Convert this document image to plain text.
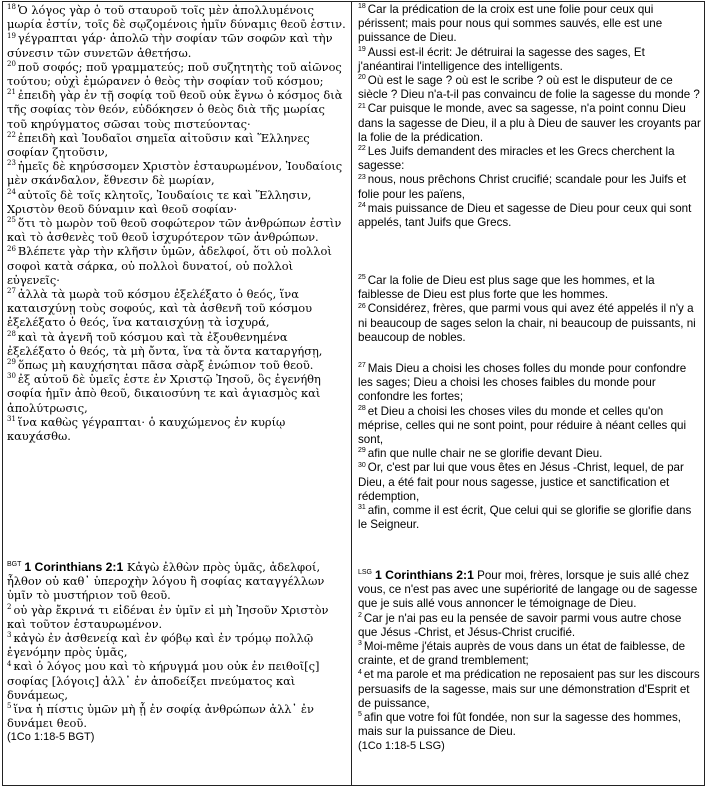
$^{18}$ Ὁ λόγος γὰρ ὁ τοῦ σταυροῦ τοῖς μὲν ἀπολλυμένοις μωρία ἐστίν, τοῖς δὲ σῳζομένοις ἡμῖν δύναμις θεοῦ ἐστιν.

$^{19}$ γέγραπται γάρ· ἀπολῶ τὴν σοφίαν τῶν σοφῶν καὶ τὴν σύνεσιν τῶν συνετῶν ἀθετήσω.

$^{20}$ ποῦ σοφός; ποῦ γραμματεύς; ποῦ συζητητὴς τοῦ αἰῶνος τούτου; οὐχὶ ἐμώρανεν ὁ θεὸς τὴν σοφίαν τοῦ κόσμου;

$^{21}$ ἐπειδὴ γὰρ ἐν τῇ σοφίᾳ τοῦ θεοῦ οὐκ ἔγνω ὁ κόσμος διὰ τῆς σοφίας τὸν θεόν, εὐδόκησεν ὁ θεὸς διὰ τῆς μωρίας τοῦ κηρύγματος σῶσαι τοὺς πιστεύοντας·

$^{22}$ ἐπειδὴ καὶ Ἰουδαῖοι σημεῖα αἰτοῦσιν καὶ Ἕλληνες σοφίαν ζητοῦσιν,

$^{23}$ ἡμεῖς δὲ κηρύσσομεν Χριστὸν ἐσταυρωμένον, Ἰουδαίοις μὲν σκάνδαλον, ἔθνεσιν δὲ μωρίαν,

$^{24}$ αὐτοῖς δὲ τοῖς κλητοῖς, Ἰουδαίοις τε καὶ Ἕλλησιν, Χριστὸν θεοῦ δύναμιν καὶ θεοῦ σοφίαν·

$^{25}$ ὅτι τὸ μωρὸν τοῦ θεοῦ σοφώτερον τῶν ἀνθρώπων ἐστὶν καὶ τὸ ἀσθενὲς τοῦ θεοῦ ἰσχυρότερον τῶν ἀνθρώπων.

$^{26}$ Βλέπετε γὰρ τὴν κλῆσιν ὑμῶν, ἀδελφοί, ὅτι οὐ πολλοὶ σοφοὶ κατὰ σάρκα, οὐ πολλοὶ δυνατοί, οὐ πολλοὶ εὐγενεῖς·

$^{27}$ ἀλλὰ τὰ μωρὰ τοῦ κόσμου ἐξελέξατο ὁ θεός, ἵνα καταισχύνῃ τοὺς σοφούς, καὶ τὰ ἀσθενῆ τοῦ κόσμου ἐξελέξατο ὁ θεός, ἵνα καταισχύνῃ τὰ ἰσχυρά,

$^{28}$ καὶ τὰ ἀγενῆ τοῦ κόσμου καὶ τὰ ἐξουθενημένα ἐξελέξατο ὁ θεός, τὰ μὴ ὄντα, ἵνα τὰ ὄντα καταργήσῃ,

$^{29}$ ὅπως μὴ καυχήσηται πᾶσα σὰρξ ἐνώπιον τοῦ θεοῦ.

$^{30}$ ἐξ αὐτοῦ δὲ ὑμεῖς ἐστε ἐν Χριστῷ Ἰησοῦ, ὃς ἐγενήθη σοφία ἡμῖν ἀπὸ θεοῦ, δικαιοσύνη τε καὶ ἁγιασμὸς καὶ ἀπολύτρωσις,

$^{31}$ ἵνα καθὼς γέγραπται· ὁ καυχώμενος ἐν κυρίῳ καυχάσθω.

$^{BGT}$ 1 Corinthians 2:1 Κἀγὼ ἐλθὼν πρὸς ὑμᾶς, ἀδελφοί, ἦλθον οὐ καθ᾽ ὑπεροχὴν λόγου ἢ σοφίας καταγγέλλων ὑμῖν τὸ μυστήριον τοῦ θεοῦ.

$^2$ οὐ γὰρ ἔκρινά τι εἰδέναι ἐν ὑμῖν εἰ μὴ Ἰησοῦν Χριστὸν καὶ τοῦτον ἐσταυρωμένον.

$^3$ κἀγὼ ἐν ἀσθενείᾳ καὶ ἐν φόβῳ καὶ ἐν τρόμῳ πολλῷ ἐγενόμην πρὸς ὑμᾶς,

$^4$ καὶ ὁ λόγος μου καὶ τὸ κήρυγμά μου οὐκ ἐν πειθοῖ[ς] σοφίας [λόγοις] ἀλλ᾽ ἐν ἀποδείξει πνεύματος καὶ δυνάμεως,

$^5$ ἵνα ἡ πίστις ὑμῶν μὴ ᾖ ἐν σοφίᾳ ἀνθρώπων ἀλλ᾽ ἐν δυνάμει θεοῦ.

(1Co 1:18-5 BGT)

$^{18}$ Car la prédication de la croix est une folie pour ceux qui périssent; mais pour nous qui sommes sauvés, elle est une puissance de Dieu.

$^{19}$ Aussi est-il écrit: Je détruirai la sagesse des sages, Et j'anéantirai l'intelligence des intelligents.

$^{20}$ Où est le sage ? où est le scribe ? où est le disputeur de ce siècle ? Dieu n'a-t-il pas convaincu de folie la sagesse du monde ?

$^{21}$ Car puisque le monde, avec sa sagesse, n'a point connu Dieu dans la sagesse de Dieu, il a plu à Dieu de sauver les croyants par la folie de la prédication.

$^{22}$ Les Juifs demandent des miracles et les Grecs cherchent la sagesse:

$^{23}$ nous, nous prêchons Christ crucifié; scandale pour les Juifs et folie pour les païens,

$^{24}$ mais puissance de Dieu et sagesse de Dieu pour ceux qui sont appelés, tant Juifs que Grecs.

$^{25}$ Car la folie de Dieu est plus sage que les hommes, et la faiblesse de Dieu est plus forte que les hommes.

$^{26}$ Considérez, frères, que parmi vous qui avez été appelés il n'y a ni beaucoup de sages selon la chair, ni beaucoup de puissants, ni beaucoup de nobles.

$^{27}$ Mais Dieu a choisi les choses folles du monde pour confondre les sages; Dieu a choisi les choses faibles du monde pour confondre les fortes;

$^{28}$ et Dieu a choisi les choses viles du monde et celles qu'on méprise, celles qui ne sont point, pour réduire à néant celles qui sont,

$^{29}$ afin que nulle chair ne se glorifie devant Dieu.

$^{30}$ Or, c'est par lui que vous êtes en Jésus -Christ, lequel, de par Dieu, a été fait pour nous sagesse, justice et sanctification et rédemption,

$^{31}$ afin, comme il est écrit, Que celui qui se glorifie se glorifie dans le Seigneur.

$^{LSG}$ 1 Corinthians 2:1 Pour moi, frères, lorsque je suis allé chez vous, ce n'est pas avec une supériorité de langage ou de sagesse que je suis allé vous annoncer le témoignage de Dieu.

$^2$ Car je n'ai pas eu la pensée de savoir parmi vous autre chose que Jésus -Christ, et Jésus-Christ crucifié.

$^3$ Moi-même j'étais auprès de vous dans un état de faiblesse, de crainte, et de grand tremblement;

$^4$ et ma parole et ma prédication ne reposaient pas sur les discours persuasifs de la sagesse, mais sur une démonstration d'Esprit et de puissance,

$^5$ afin que votre foi fût fondée, non sur la sagesse des hommes, mais sur la puissance de Dieu.

(1Co 1:18-5 LSG)
